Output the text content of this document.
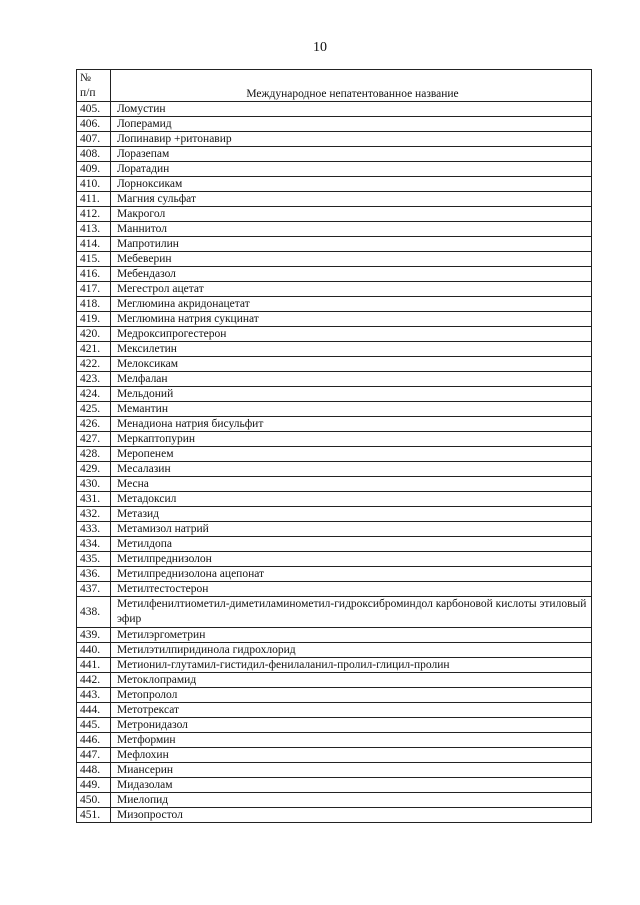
10
№
п/п	Международное непатентованное название
405.	Ломустин
406.	Лоперамид
407.	Лопинавир +ритонавир
408.	Лоразепам
409.	Лоратадин
410.	Лорноксикам
411.	Магния сульфат
412.	Макрогол
413.	Маннитол
414.	Мапротилин
415.	Мебеверин
416.	Мебендазол
417.	Мегестрол ацетат
418.	Меглюмина акридонацетат
419.	Меглюмина натрия сукцинат
420.	Медроксипрогестерон
421.	Мексилетин
422.	Мелоксикам
423.	Мелфалан
424.	Мельдоний
425.	Мемантин
426.	Менадиона натрия бисульфит
427.	Меркаптопурин
428.	Меропенем
429.	Месалазин
430.	Месна
431.	Метадоксил
432.	Метазид
433.	Метамизол натрий
434.	Метилдопа
435.	Метилпреднизолон
436.	Метилпреднизолона ацепонат
437.	Метилтестостерон
438.	Метилфенилтиометил-диметиламинометил-гидроксиброминдол карбоновой кислоты этиловый эфир
439.	Метилэргометрин
440.	Метилэтилпиридинола гидрохлорид
441.	Метионил-глутамил-гистидил-фенилаланил-пролил-глицил-пролин
442.	Метоклопрамид
443.	Метопролол
444.	Метотрексат
445.	Метронидазол
446.	Метформин
447.	Мефлохин
448.	Миансерин
449.	Мидазолам
450.	Миелопид
451.	Мизопростол
